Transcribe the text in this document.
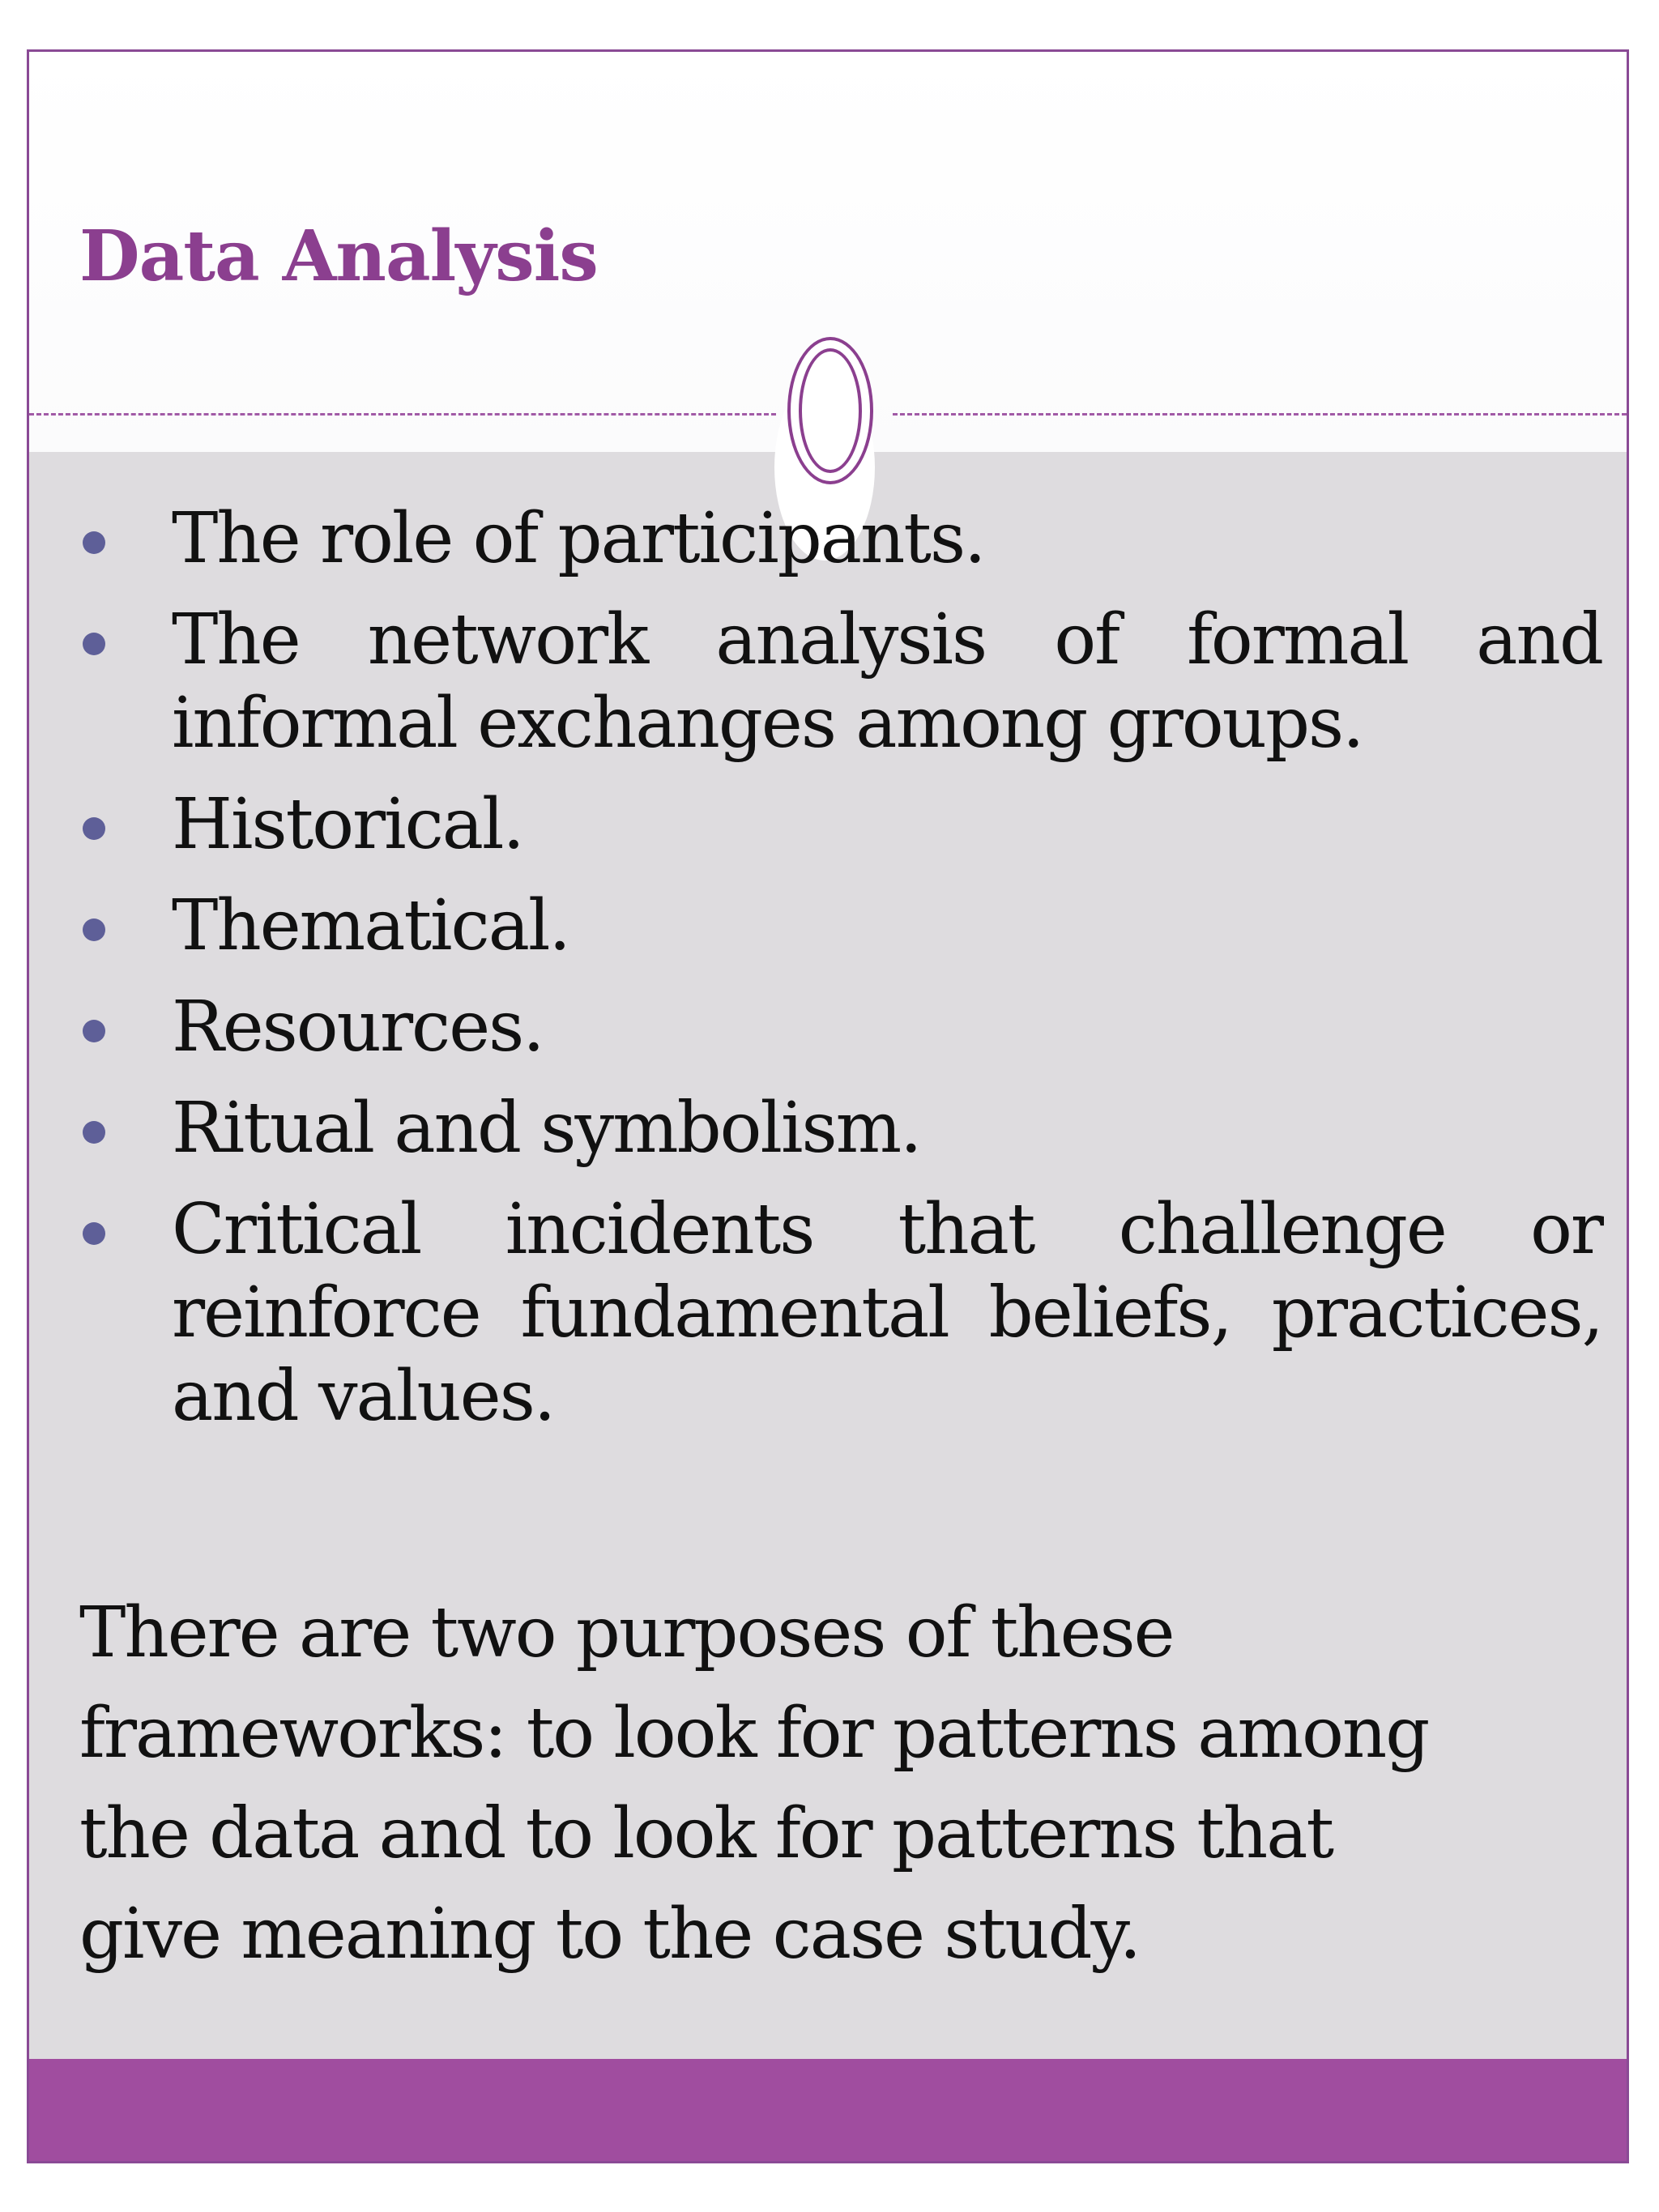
Data Analysis
The role of participants.
The network analysis of formal and informal exchanges among groups.
Historical.
Thematical.
Resources.
Ritual and symbolism.
Critical incidents that challenge or reinforce fundamental beliefs, practices, and values.

There are two purposes of these
frameworks: to look for patterns among
the data and to look for patterns that
give meaning to the case study.
